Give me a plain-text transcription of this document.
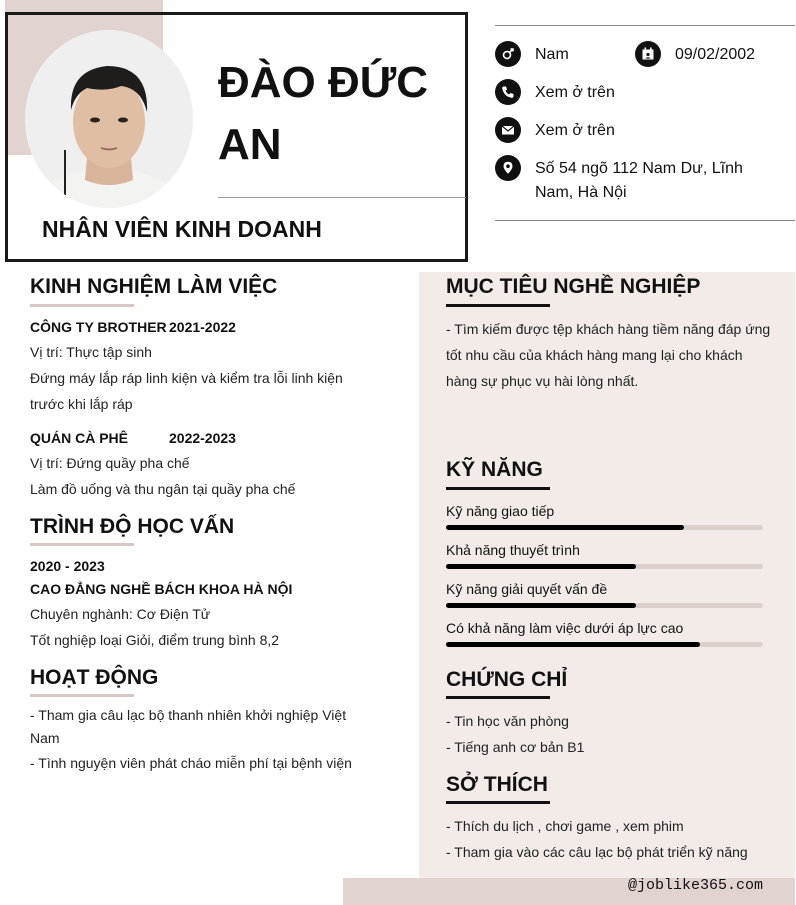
ĐÀO ĐỨC
AN
NHÂN VIÊN KINH DOANH
Nam	09/02/2002
Xem ở trên
Xem ở trên
Số 54 ngõ 112 Nam Dư, Lĩnh
Nam, Hà Nội
KINH NGHIỆM LÀM VIỆC
CÔNG TY BROTHER 2021-2022
Vị trí: Thực tập sinh
Đứng máy lắp ráp linh kiện và kiểm tra lỗi linh kiện
trước khi lắp ráp
QUÁN CÀ PHÊ	2022-2023
Vị trí: Đứng quầy pha chế
Làm đồ uống và thu ngân tại quầy pha chế
TRÌNH ĐỘ HỌC VẤN
2020 - 2023
CAO ĐẲNG NGHỀ BÁCH KHOA HÀ NỘI
Chuyên nghành: Cơ Điện Tử
Tốt nghiệp loại Giỏi, điểm trung bình 8,2
HOẠT ĐỘNG
- Tham gia câu lạc bộ thanh nhiên khởi nghiệp Việt
Nam
- Tình nguyện viên phát cháo miễn phí tại bệnh viện
MỤC TIÊU NGHỀ NGHIỆP
- Tìm kiếm được tệp khách hàng tiềm năng đáp ứng
tốt nhu cầu của khách hàng mang lại cho khách
hàng sự phục vụ hài lòng nhất.
KỸ NĂNG
Kỹ năng giao tiếp
Khả năng thuyết trình
Kỹ năng giải quyết vấn đề
Có khả năng làm việc dưới áp lực cao
CHỨNG CHỈ
- Tin học văn phòng
- Tiếng anh cơ bản B1
SỞ THÍCH
- Thích du lịch , chơi game , xem phim
- Tham gia vào các câu lạc bộ phát triển kỹ năng
@joblike365.com
